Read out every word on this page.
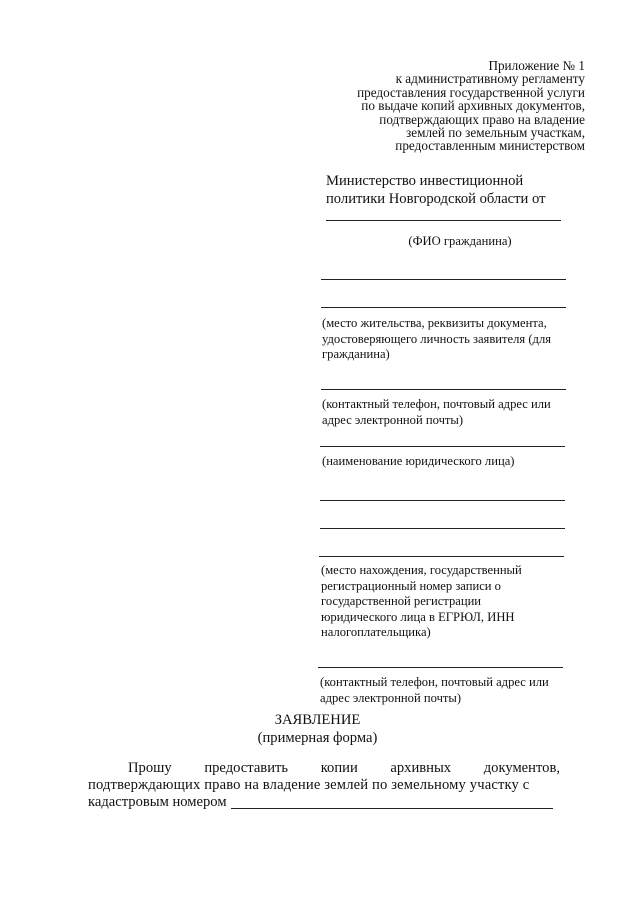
Приложение № 1
к административному регламенту
предоставления государственной услуги
по выдаче копий архивных документов,
подтверждающих право на владение
землей по земельным участкам,
предоставленным министерством
Министерство инвестиционной
политики Новгородской области от
(ФИО гражданина)
(место жительства, реквизиты документа,
удостоверяющего личность заявителя (для
гражданина)
(контактный телефон, почтовый адрес или
адрес электронной почты)
(наименование юридического лица)
(место нахождения, государственный
регистрационный номер записи о
государственной регистрации
юридического лица в ЕГРЮЛ, ИНН
налогоплательщика)
(контактный телефон, почтовый адрес или
адрес электронной почты)
ЗАЯВЛЕНИЕ
(примерная форма)
Прошу предоставить копии архивных документов,
подтверждающих право на владение землей по земельному участку с
кадастровым номером
